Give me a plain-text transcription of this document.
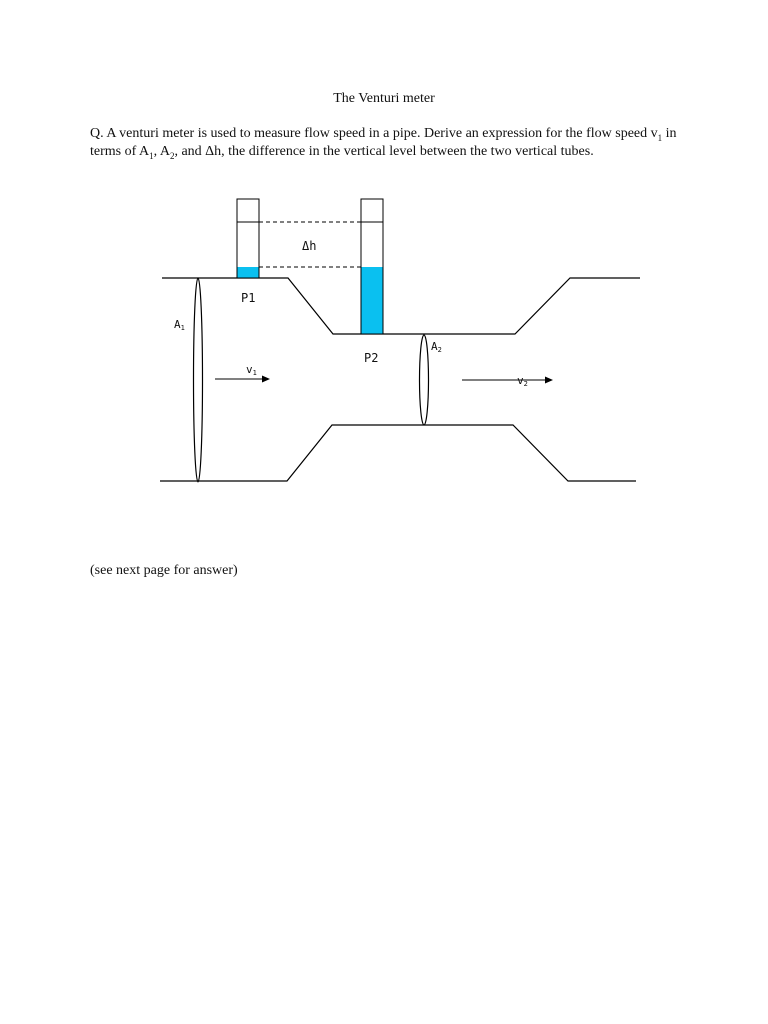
The Venturi meter
Q. A venturi meter is used to measure flow speed in a pipe. Derive an expression for the flow speed $v_1$ in terms of $A_1$, $A_2$, and Δh, the difference in the vertical level between the two vertical tubes.
Δh
P1
P2
A1
A2
v1
v2
(see next page for answer)
